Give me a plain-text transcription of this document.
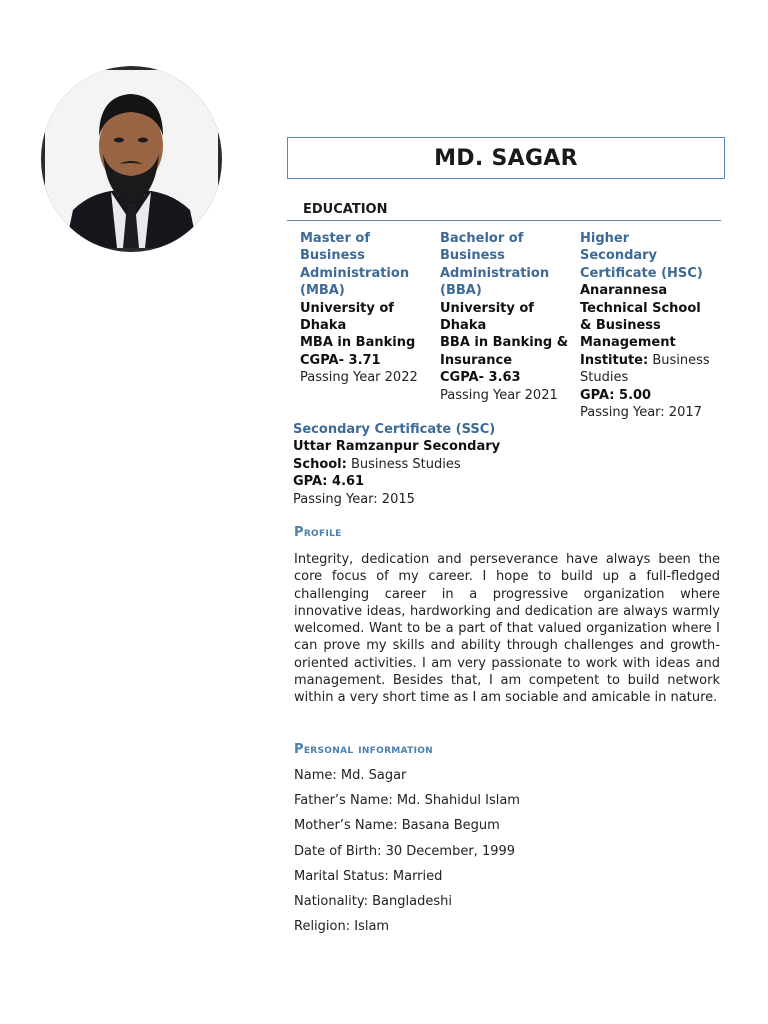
MD. SAGAR
EDUCATION
Master of Business Administration (MBA)
University of Dhaka
MBA in Banking
CGPA- 3.71
Passing Year 2022
Bachelor of Business Administration (BBA)
University of Dhaka
BBA in Banking & Insurance
CGPA- 3.63
Passing Year 2021
Higher Secondary Certificate (HSC)
Anarannesa Technical School & Business Management Institute: Business Studies
GPA: 5.00
Passing Year: 2017
Secondary Certificate (SSC)
Uttar Ramzanpur Secondary School: Business Studies
GPA: 4.61
Passing Year: 2015
Profile
Integrity, dedication and perseverance have always been the core focus of my career. I hope to build up a full-fledged challenging career in a progressive organization where innovative ideas, hardworking and dedication are always warmly welcomed. Want to be a part of that valued organization where I can prove my skills and ability through challenges and growth-oriented activities. I am very passionate to work with ideas and management. Besides that, I am competent to build network within a very short time as I am sociable and amicable in nature.
Personal information
Name: Md. Sagar
Father’s Name: Md. Shahidul Islam
Mother’s Name: Basana Begum
Date of Birth: 30 December, 1999
Marital Status: Married
Nationality: Bangladeshi
Religion: Islam
